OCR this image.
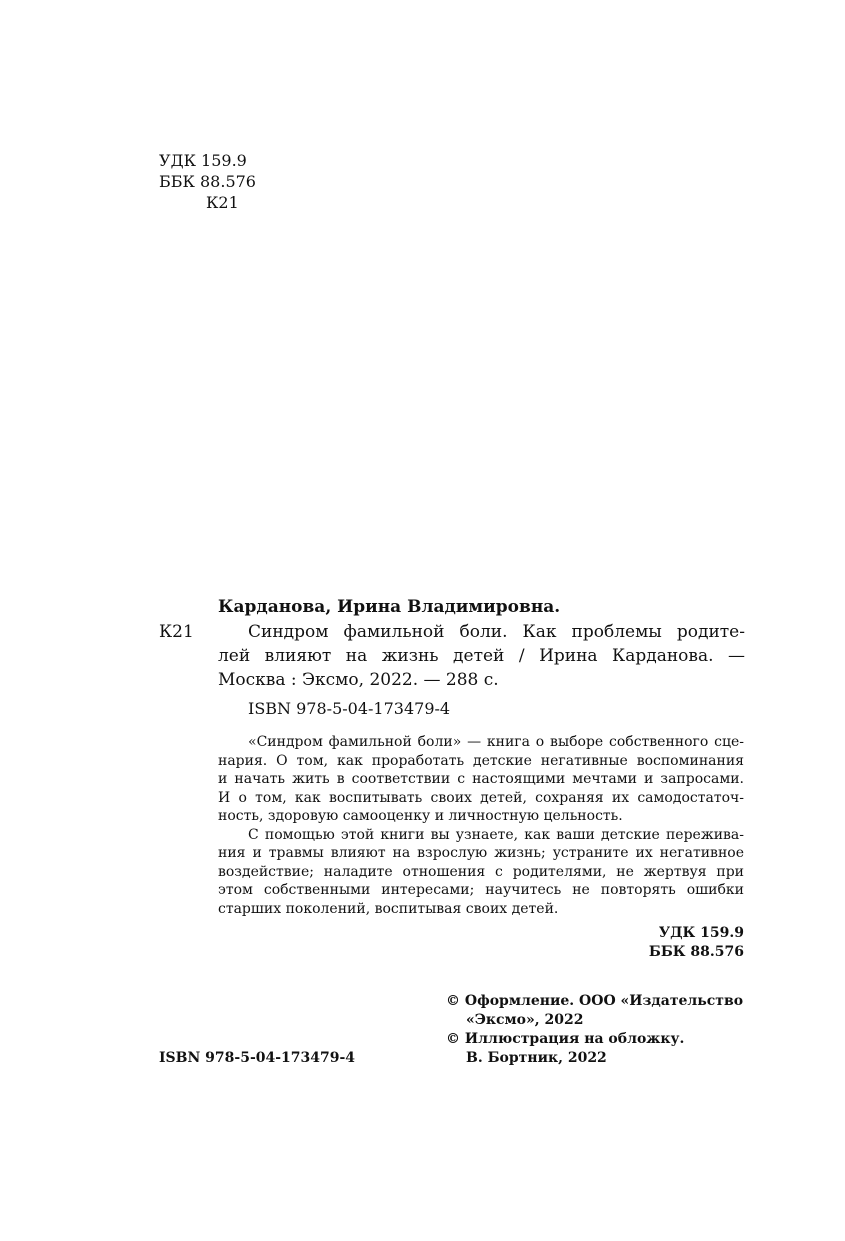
УДК 159.9
ББК 88.576
К21
Карданова, Ирина Владимировна.
К21	Синдром фамильной боли. Как проблемы родите-
лей влияют на жизнь детей / Ирина Карданова. —
Москва : Эксмо, 2022. — 288 с.
ISBN 978-5-04-173479-4
«Синдром фамильной боли» — книга о выборе собственного сце-
нария. О том, как проработать детские негативные воспоминания
и начать жить в соответствии с настоящими мечтами и запросами.
И о том, как воспитывать своих детей, сохраняя их самодостаточ-
ность, здоровую самооценку и личностную цельность.
С помощью этой книги вы узнаете, как ваши детские пережива-
ния и травмы влияют на взрослую жизнь; устраните их негативное
воздействие; наладите отношения с родителями, не жертвуя при
этом собственными интересами; научитесь не повторять ошибки
старших поколений, воспитывая своих детей.
УДК 159.9
ББК 88.576
ISBN 978-5-04-173479-4
© Оформление. ООО «Издательство
«Эксмо», 2022
© Иллюстрация на обложку.
В. Бортник, 2022
